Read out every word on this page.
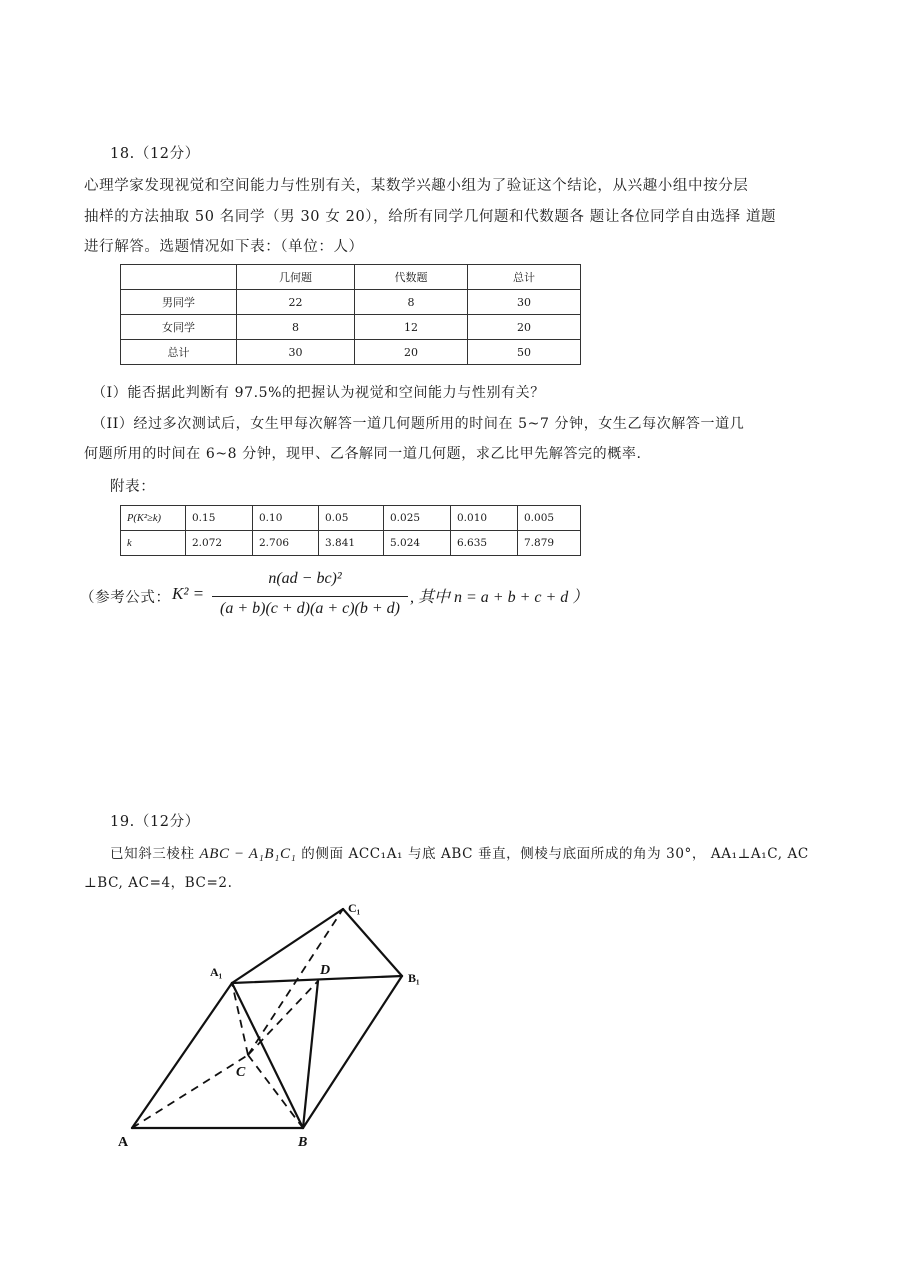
18.（12分）
心理学家发现视觉和空间能力与性别有关，某数学兴趣小组为了验证这个结论，从兴趣小组中按分层
抽样的方法抽取 50 名同学（男 30 女 20），给所有同学几何题和代数题各 题让各位同学自由选择 道题
进行解答。选题情况如下表：（单位：人）
	几何题	代数题	总计
男同学	22	8	30
女同学	8	12	20
总计	30	20	50
（I）能否据此判断有 97.5%的把握认为视觉和空间能力与性别有关？
（II）经过多次测试后，女生甲每次解答一道几何题所用的时间在 5~7 分钟，女生乙每次解答一道几
何题所用的时间在 6~8 分钟，现甲、乙各解同一道几何题，求乙比甲先解答完的概率.
附表：
P(K²≥k)	0.15	0.10	0.05	0.025	0.010	0.005
k	2.072	2.706	3.841	5.024	6.635	7.879
（参考公式： K² =
n(ad − bc)²
(a + b)(c + d)(a + c)(b + d)
, 其中 n = a + b + c + d ）
19.（12分）
已知斜三棱柱 ABC − A₁B₁C₁ 的侧面 ACC₁A₁ 与底 ABC 垂直，侧棱与底面所成的角为 30°， AA₁⊥A₁C, AC
⊥BC, AC=4，BC=2.
A	B
C
D
A₁	B₁
C₁
